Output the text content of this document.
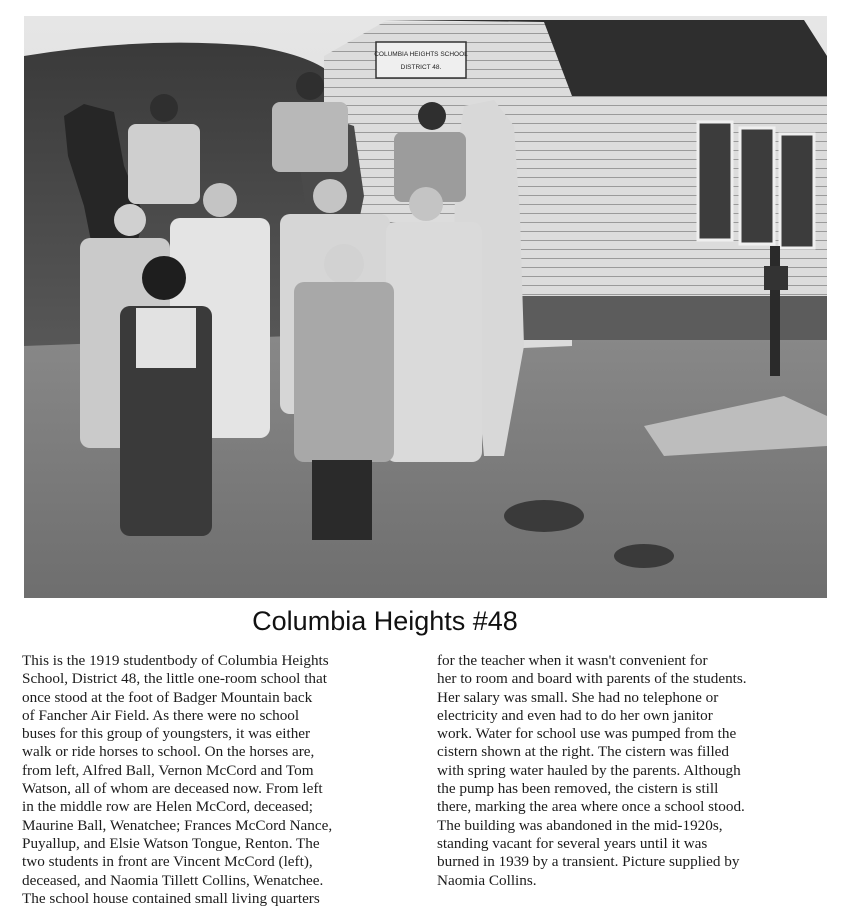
COLUMBIA HEIGHTS SCHOOL
DISTRICT 48.
Columbia Heights #48
This is the 1919 studentbody of Columbia Heights
School, District 48, the little one-room school that
once stood at the foot of Badger Mountain back
of Fancher Air Field. As there were no school
buses for this group of youngsters, it was either
walk or ride horses to school. On the horses are,
from left, Alfred Ball, Vernon McCord and Tom
Watson, all of whom are deceased now. From left
in the middle row are Helen McCord, deceased;
Maurine Ball, Wenatchee; Frances McCord Nance,
Puyallup, and Elsie Watson Tongue, Renton. The
two students in front are Vincent McCord (left),
deceased, and Naomia Tillett Collins, Wenatchee.
The school house contained small living quarters
for the teacher when it wasn't convenient for
her to room and board with parents of the students.
Her salary was small. She had no telephone or
electricity and even had to do her own janitor
work. Water for school use was pumped from the
cistern shown at the right. The cistern was filled
with spring water hauled by the parents. Although
the pump has been removed, the cistern is still
there, marking the area where once a school stood.
The building was abandoned in the mid-1920s,
standing vacant for several years until it was
burned in 1939 by a transient. Picture supplied by
Naomia Collins.
